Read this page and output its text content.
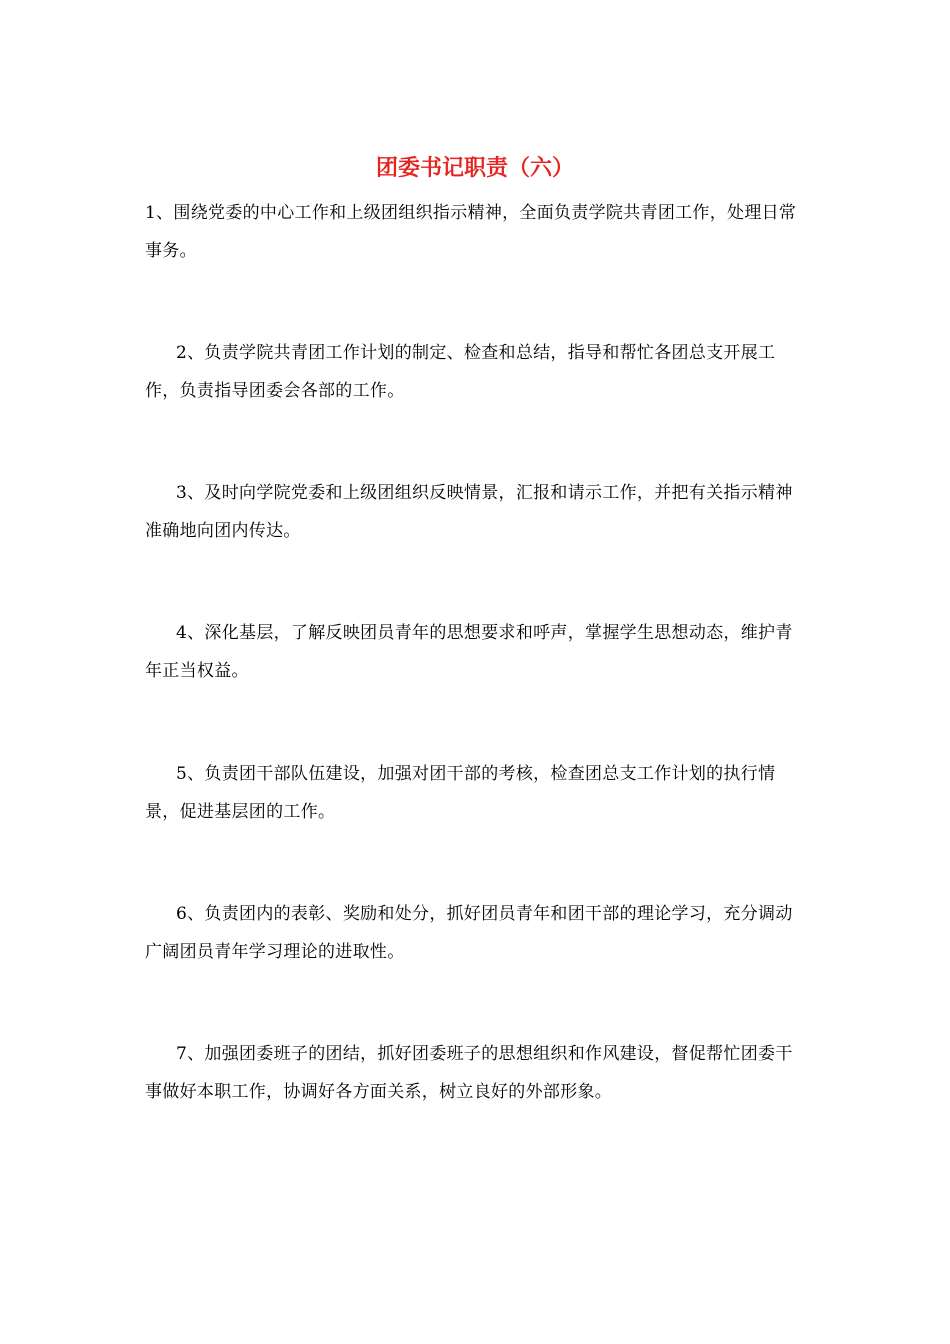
团委书记职责（六）

1、围绕党委的中心工作和上级团组织指示精神，全面负责学院共青团工作，处理日常事务。

2、负责学院共青团工作计划的制定、检查和总结，指导和帮忙各团总支开展工作，负责指导团委会各部的工作。

3、及时向学院党委和上级团组织反映情景，汇报和请示工作，并把有关指示精神准确地向团内传达。

4、深化基层，了解反映团员青年的思想要求和呼声，掌握学生思想动态，维护青年正当权益。

5、负责团干部队伍建设，加强对团干部的考核，检查团总支工作计划的执行情景，促进基层团的工作。

6、负责团内的表彰、奖励和处分，抓好团员青年和团干部的理论学习，充分调动广阔团员青年学习理论的进取性。

7、加强团委班子的团结，抓好团委班子的思想组织和作风建设，督促帮忙团委干事做好本职工作，协调好各方面关系，树立良好的外部形象。
